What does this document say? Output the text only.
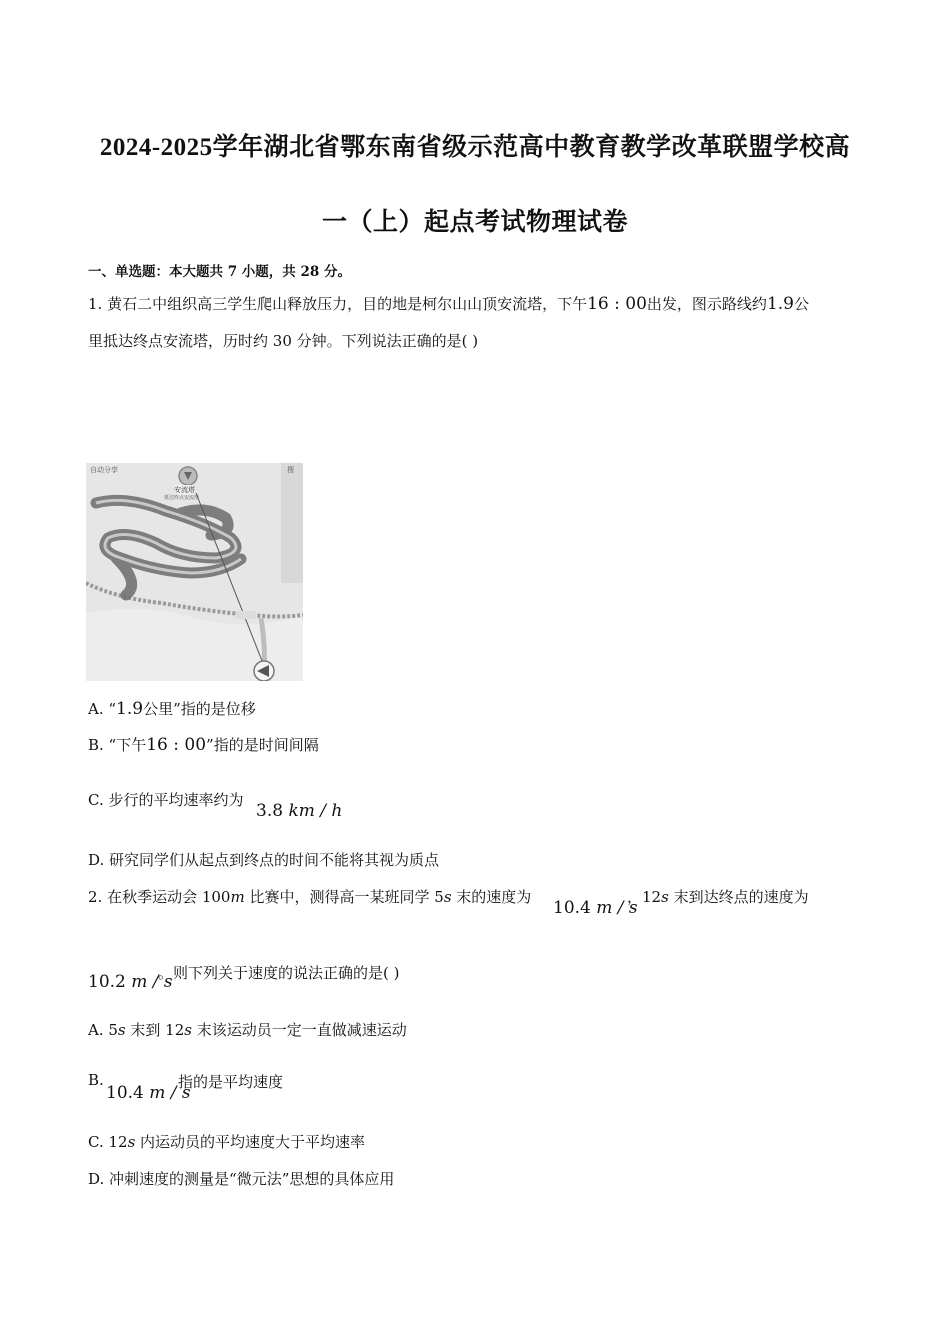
2024-2025学年湖北省鄂东南省级示范高中教育教学改革联盟学校高
一（上）起点考试物理试卷
一、单选题：本大题共 7 小题，共 28 分。
1. 黄石二中组织高三学生爬山释放压力，目的地是柯尔山山顶安流塔，下午16 : 00出发，图示路线约1.9公
里抵达终点安流塔，历时约 30 分钟。下列说法正确的是( )
自动分享	搜
安流塔
抵达终点安流塔
A. “1.9公里”指的是位移
B. “下午16 : 00”指的是时间间隔
C. 步行的平均速率约为
3.8 km / h
D. 研究同学们从起点到终点的时间不能将其视为质点
2. 在秋季运动会 100m 比赛中，测得高一某班同学 5s 末的速度为
10.4 m / s
，12s 末到达终点的速度为
10.2 m / s
。则下列关于速度的说法正确的是( )
A. 5s 末到 12s 末该运动员一定一直做减速运动
B.
10.4 m / s
指的是平均速度
C. 12s 内运动员的平均速度大于平均速率
D. 冲刺速度的测量是“微元法”思想的具体应用
